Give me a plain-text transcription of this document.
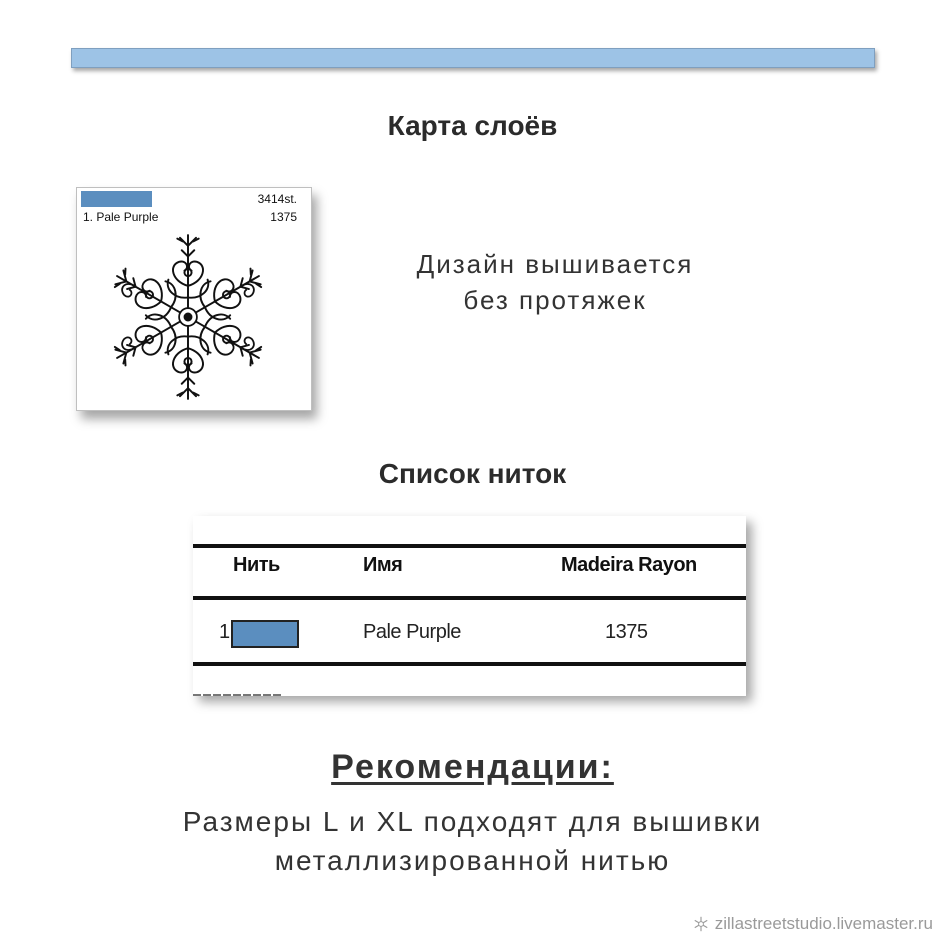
Карта слоёв
3414st.
1. Pale Purple	1375
Дизайн вышивается
без протяжек
Список ниток
Нить	Имя	Madeira Rayon
1	Pale Purple	1375
Рекомендации:
Размеры L и XL подходят для вышивки
металлизированной нитью
zillastreetstudio.livemaster.ru
